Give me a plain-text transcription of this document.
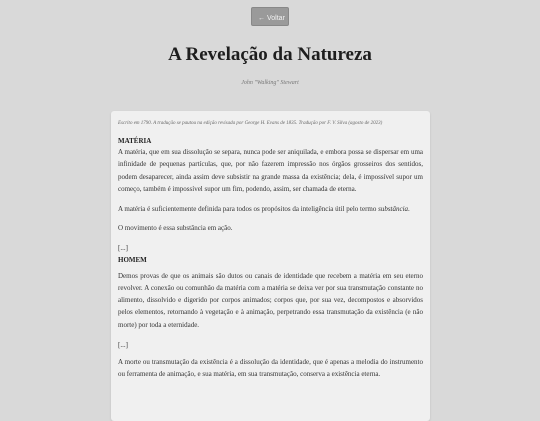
← Voltar
A Revelação da Natureza
John "Walking" Stewart

Escrito em 1790. A tradução se pautou na edição revisada por George H. Evans de 1835. Tradução por F. V. Silva (agosto de 2023)

MATÉRIA

A matéria, que em sua dissolução se separa, nunca pode ser aniquilada, e embora possa se dispersar em uma infinidade de pequenas partículas, que, por não fazerem impressão nos órgãos grosseiros dos sentidos, podem desaparecer, ainda assim deve subsistir na grande massa da existência; dela, é impossível supor um começo, também é impossível supor um fim, podendo, assim, ser chamada de eterna.

A matéria é suficientemente definida para todos os propósitos da inteligência útil pelo termo substância.

O movimento é essa substância em ação.

[...]

HOMEM

Demos provas de que os animais são dutos ou canais de identidade que recebem a matéria em seu eterno revolver. A conexão ou comunhão da matéria com a matéria se deixa ver por sua transmutação constante no alimento, dissolvido e digerido por corpos animados; corpos que, por sua vez, decompostos e absorvidos pelos elementos, retornando à vegetação e à animação, perpetrando essa transmutação da existência (e não morte) por toda a eternidade.

[...]

A morte ou transmutação da existência é a dissolução da identidade, que é apenas a melodia do instrumento ou ferramenta de animação, e sua matéria, em sua transmutação, conserva a existência eterna.
